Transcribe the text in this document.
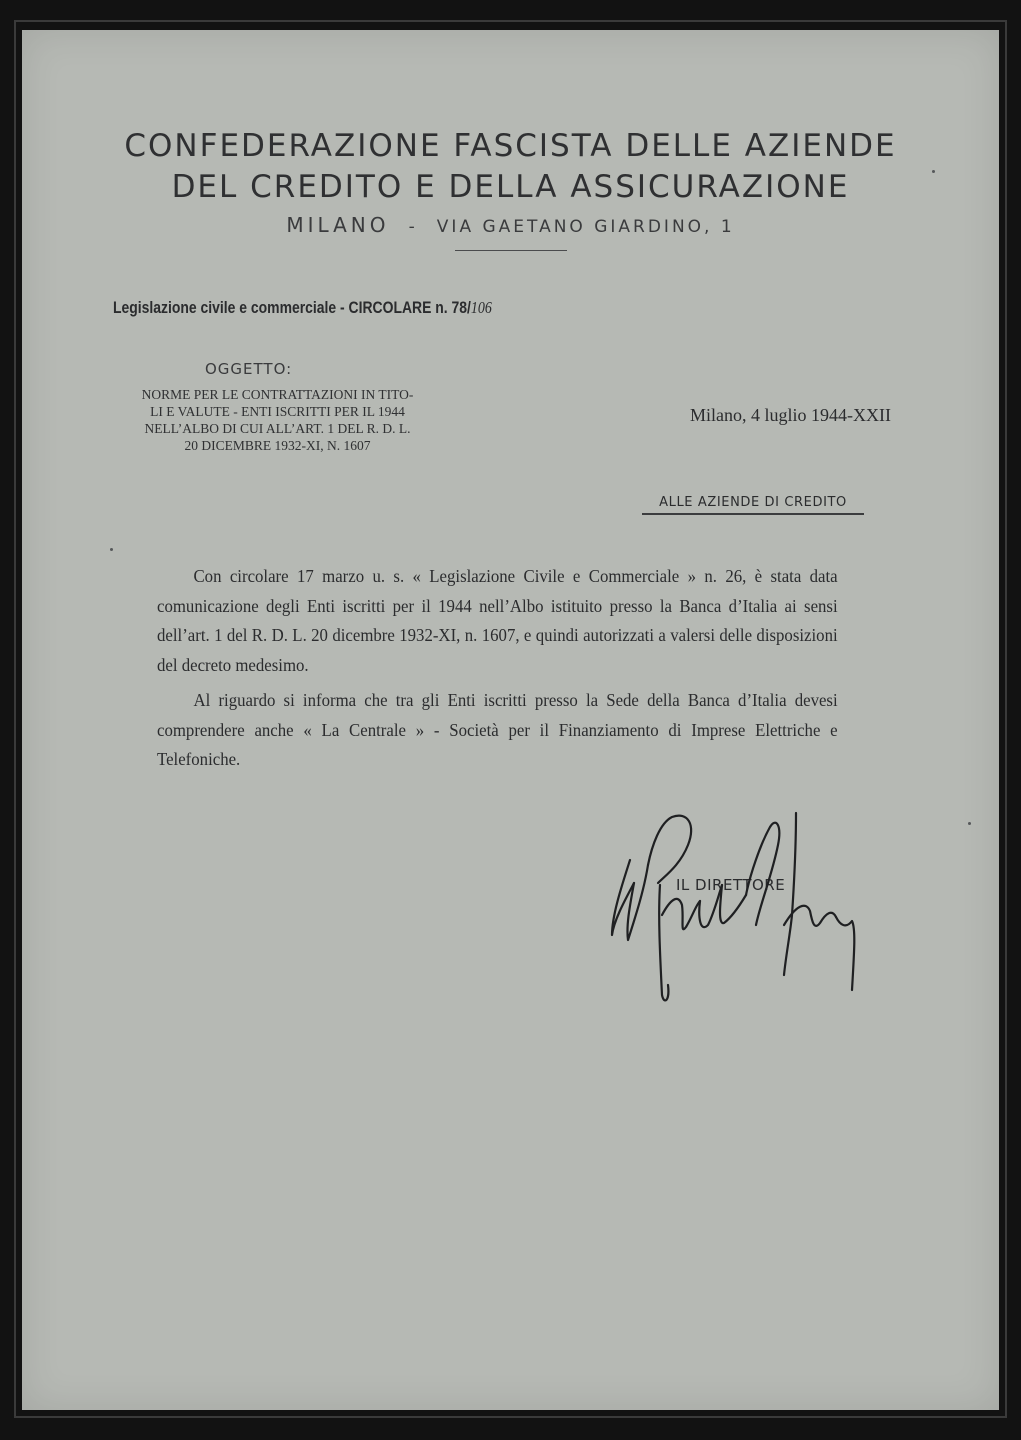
CONFEDERAZIONE FASCISTA DELLE AZIENDE
DEL CREDITO E DELLA ASSICURAZIONE
MILANO - VIA GAETANO GIARDINO, 1
Legislazione civile e commerciale - CIRCOLARE n. 78/106
OGGETTO:
NORME PER LE CONTRATTAZIONI IN TITO-
LI E VALUTE - ENTI ISCRITTI PER IL 1944
NELL’ALBO DI CUI ALL’ART. 1 DEL R. D. L.
20 DICEMBRE 1932-XI, N. 1607
Milano, 4 luglio 1944-XXII
ALLE AZIENDE DI CREDITO

Con circolare 17 marzo u. s. « Legislazione Civile e Commerciale » n. 26, è stata data comunicazione degli Enti iscritti per il 1944 nell’Albo istituito presso la Banca d’Italia ai sensi dell’art. 1 del R. D. L. 20 dicembre 1932-XI, n. 1607, e quindi autorizzati a valersi delle disposizioni del decreto medesimo.

Al riguardo si informa che tra gli Enti iscritti presso la Sede della Banca d’Italia devesi comprendere anche « La Centrale » - Società per il Finanziamento di Imprese Elettriche e Telefoniche.

IL DIRETTORE
